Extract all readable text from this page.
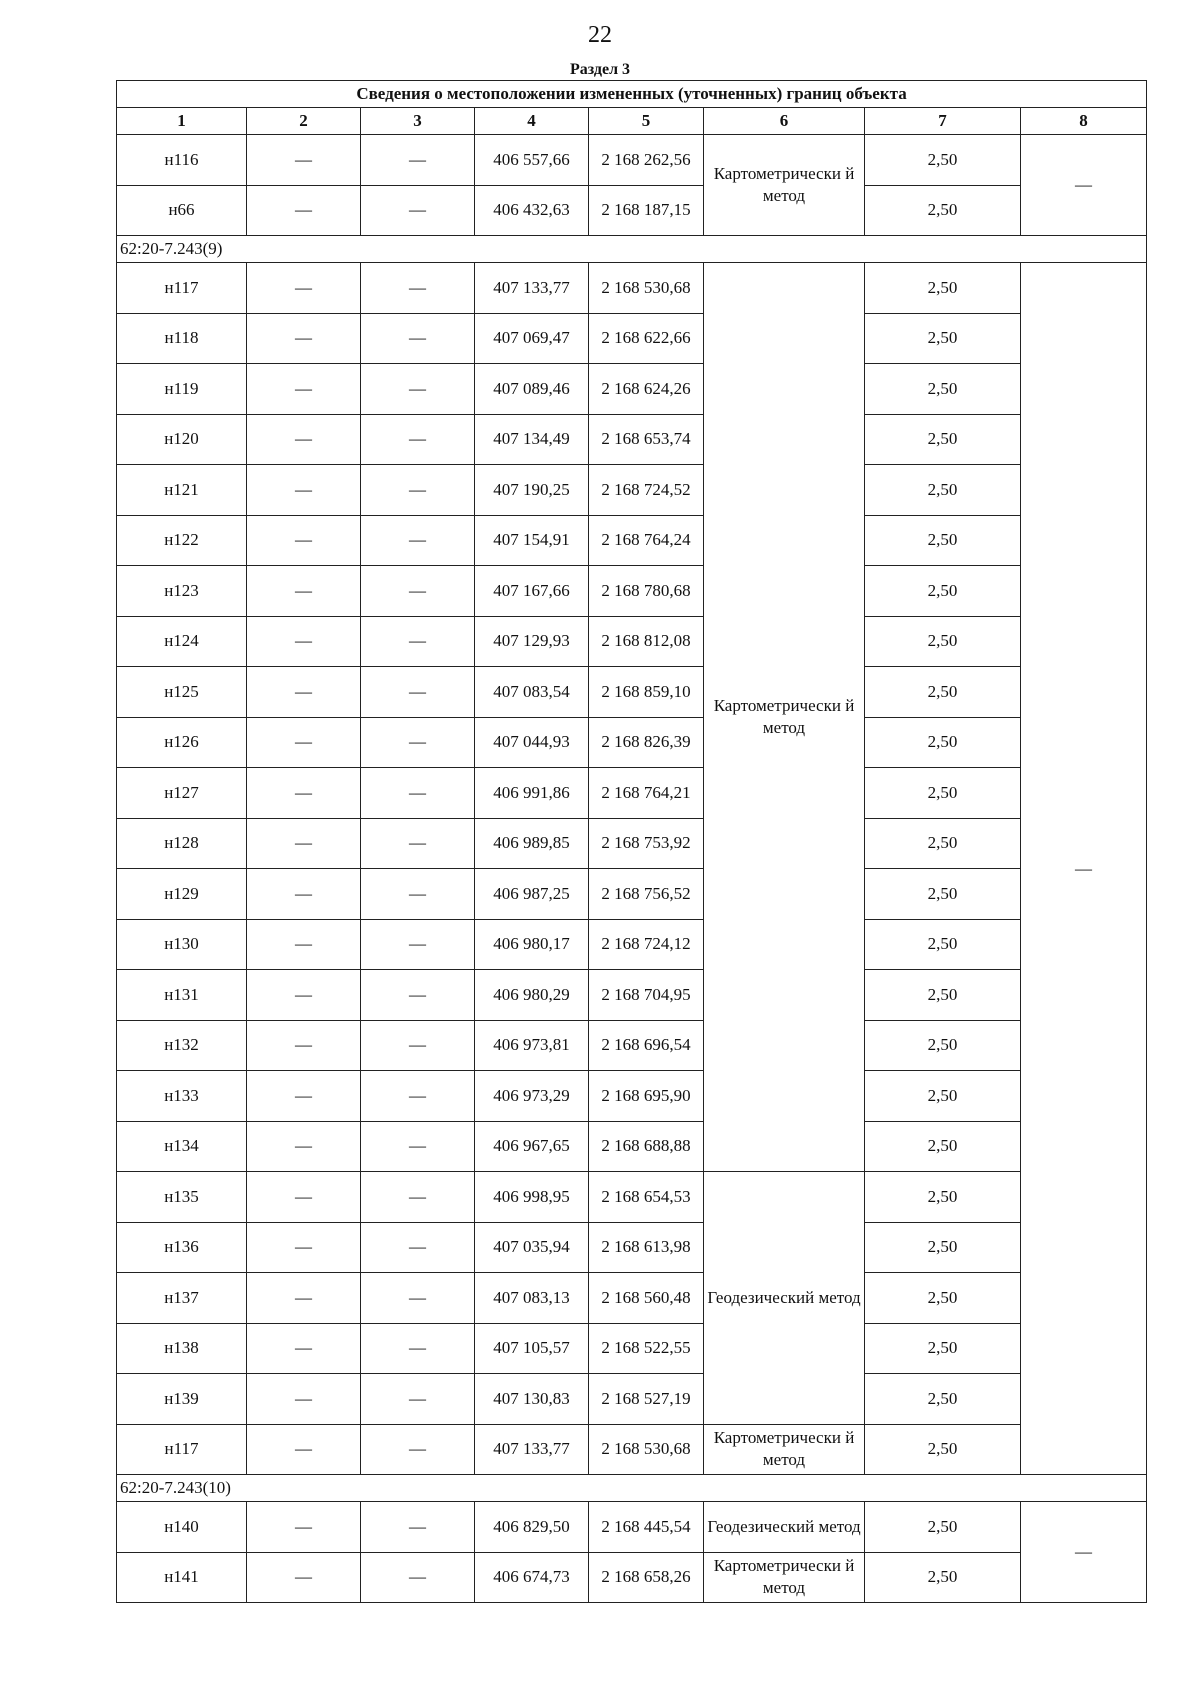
22
Раздел 3
Сведения о местоположении измененных (уточненных) границ объекта							
1	2	3	4	5	6	7	8
н116	—	—	406 557,66	2 168 262,56	Картометрически й метод	2,50	—
н66	—	—	406 432,63	2 168 187,15		2,50	
62:20-7.243(9)							
н117	—	—	407 133,77	2 168 530,68	Картометрически й метод	2,50	—
н118	—	—	407 069,47	2 168 622,66		2,50	
н119	—	—	407 089,46	2 168 624,26		2,50	
н120	—	—	407 134,49	2 168 653,74		2,50	
н121	—	—	407 190,25	2 168 724,52		2,50	
н122	—	—	407 154,91	2 168 764,24		2,50	
н123	—	—	407 167,66	2 168 780,68		2,50	
н124	—	—	407 129,93	2 168 812,08		2,50	
н125	—	—	407 083,54	2 168 859,10		2,50	
н126	—	—	407 044,93	2 168 826,39		2,50	
н127	—	—	406 991,86	2 168 764,21		2,50	
н128	—	—	406 989,85	2 168 753,92		2,50	
н129	—	—	406 987,25	2 168 756,52		2,50	
н130	—	—	406 980,17	2 168 724,12		2,50	
н131	—	—	406 980,29	2 168 704,95		2,50	
н132	—	—	406 973,81	2 168 696,54		2,50	
н133	—	—	406 973,29	2 168 695,90		2,50	
н134	—	—	406 967,65	2 168 688,88		2,50	
н135	—	—	406 998,95	2 168 654,53	Геодезический метод	2,50	
н136	—	—	407 035,94	2 168 613,98		2,50	
н137	—	—	407 083,13	2 168 560,48		2,50	
н138	—	—	407 105,57	2 168 522,55		2,50	
н139	—	—	407 130,83	2 168 527,19		2,50	
н117	—	—	407 133,77	2 168 530,68	Картометрически й метод	2,50	
62:20-7.243(10)							
н140	—	—	406 829,50	2 168 445,54	Геодезический метод	2,50	—
н141	—	—	406 674,73	2 168 658,26	Картометрически й метод	2,50	
